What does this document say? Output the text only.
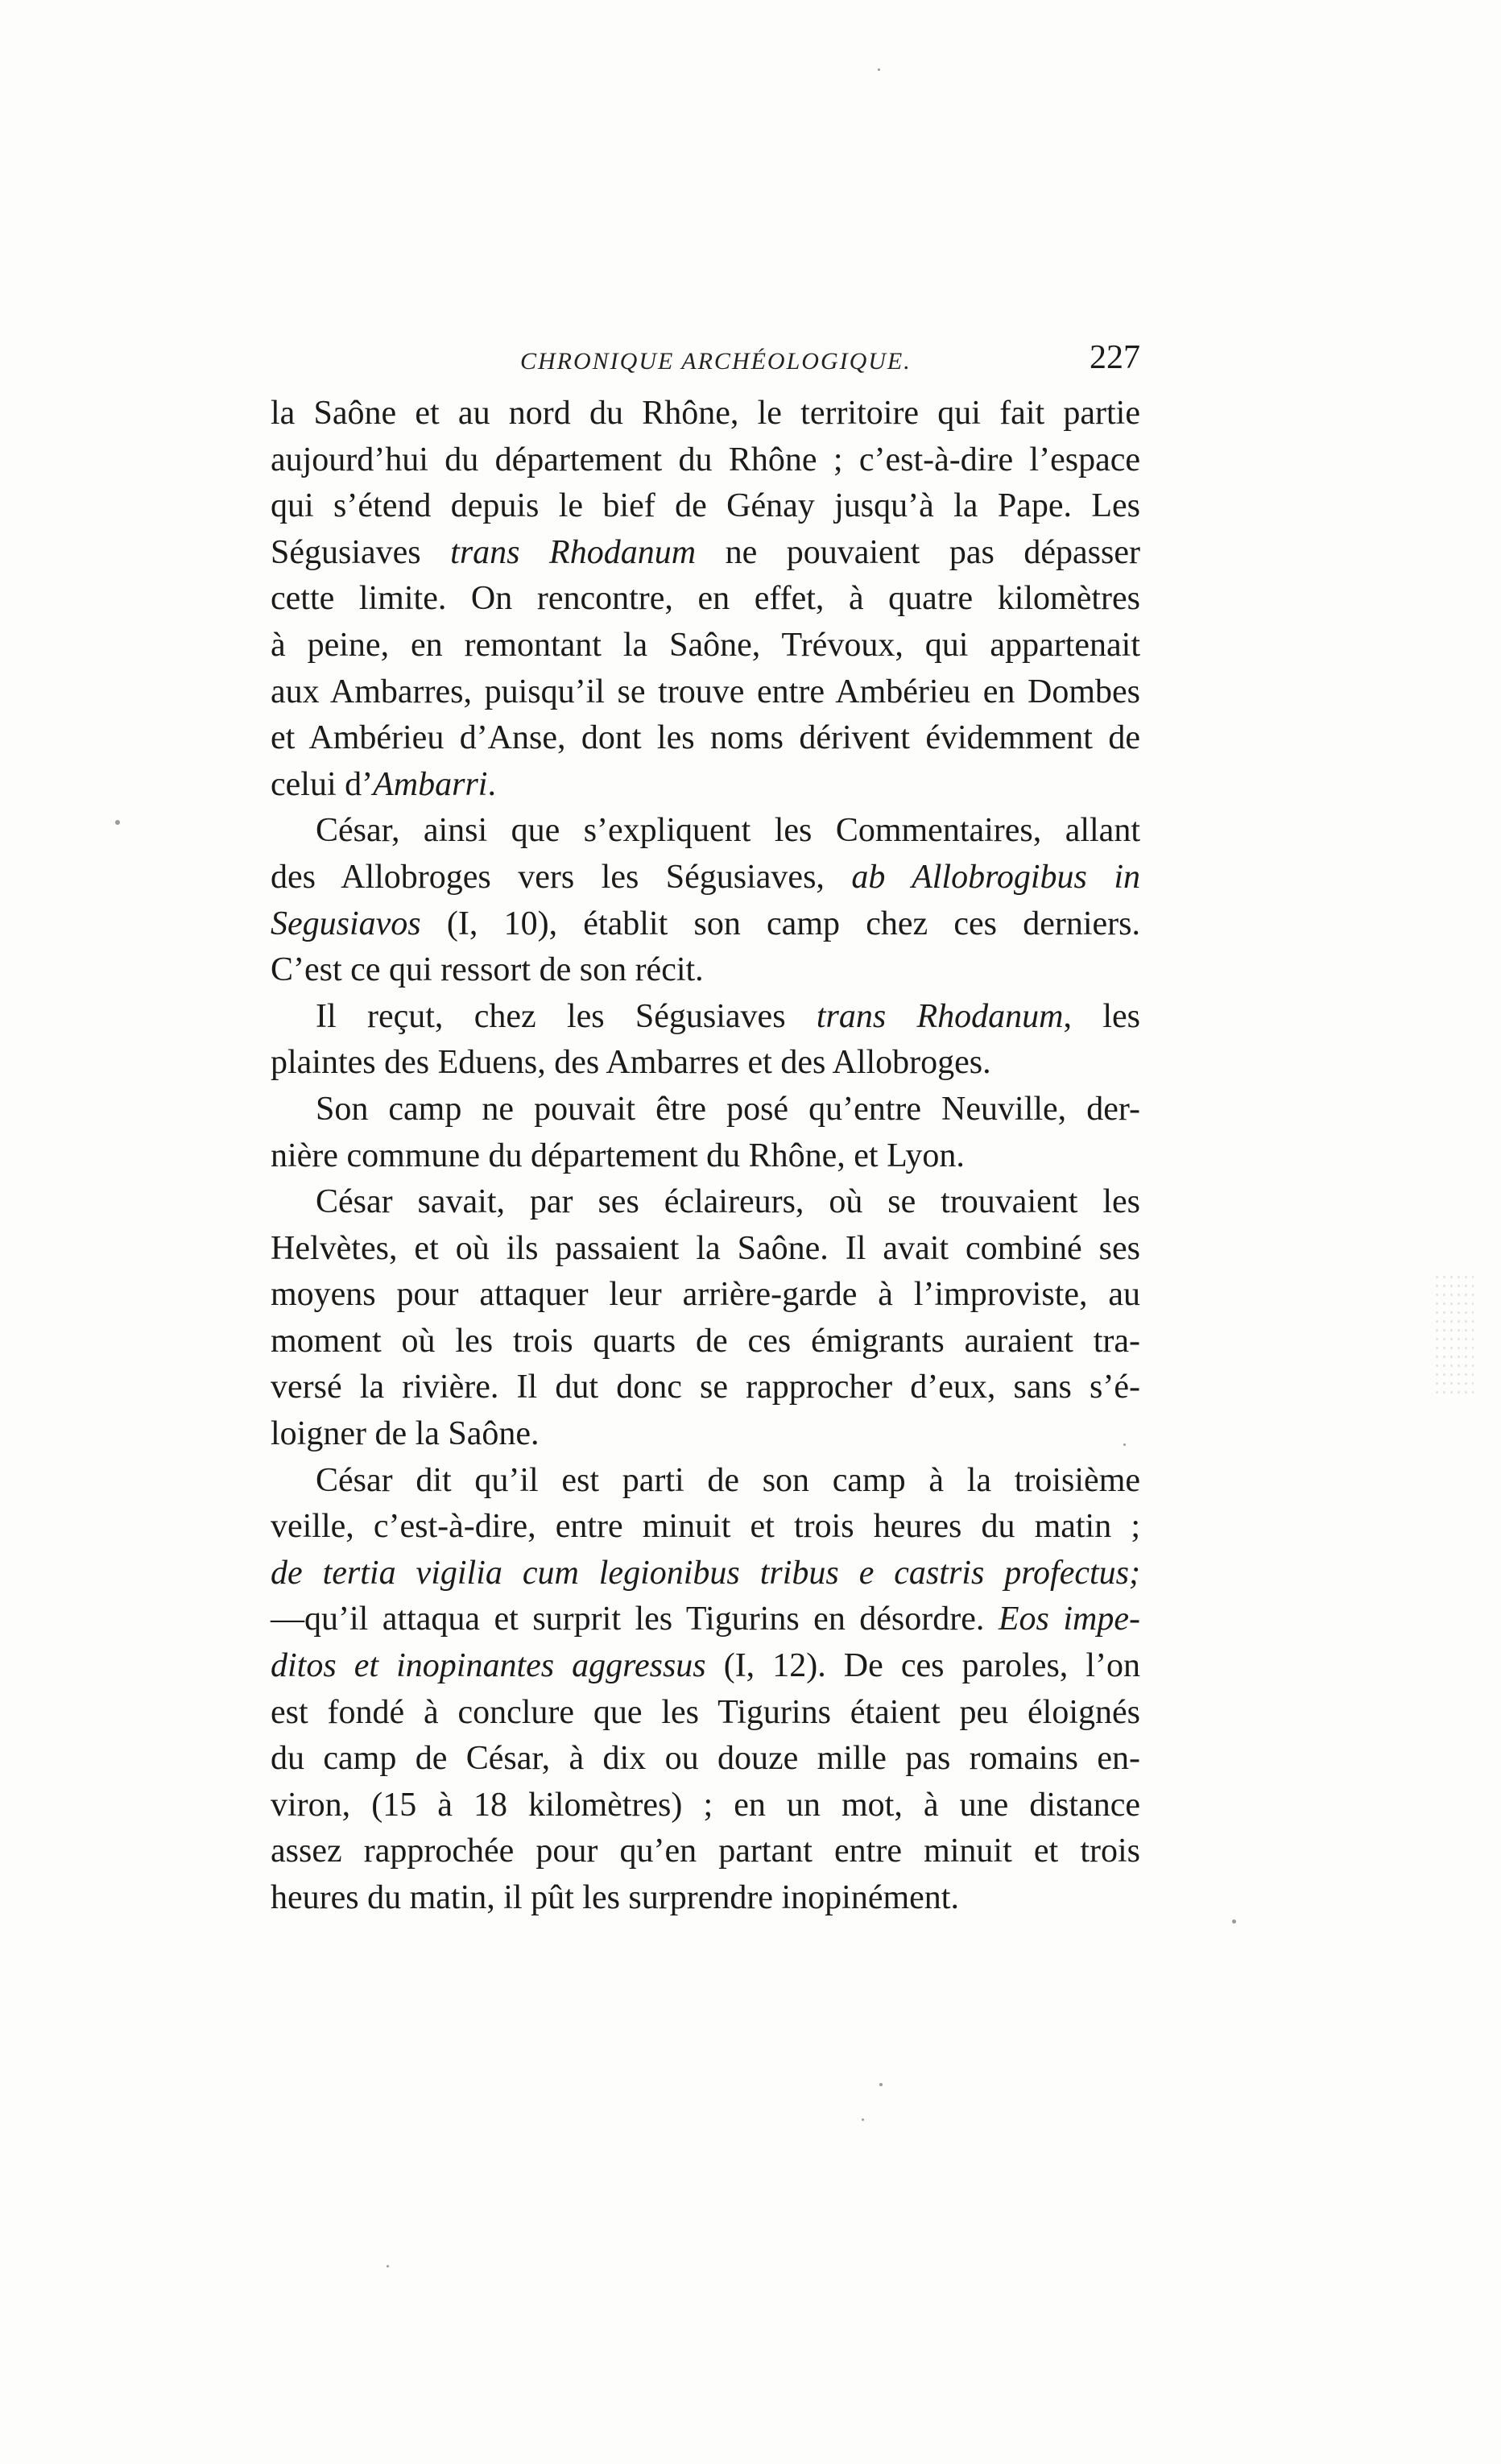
CHRONIQUE ARCHÉOLOGIQUE.	227
la Saône et au nord du Rhône, le territoire qui fait partie
aujourd’hui du département du Rhône ; c’est-à-dire l’espace
qui s’étend depuis le bief de Génay jusqu’à la Pape. Les
Ségusiaves trans Rhodanum ne pouvaient pas dépasser
cette limite. On rencontre, en effet, à quatre kilomètres
à peine, en remontant la Saône, Trévoux, qui appartenait
aux Ambarres, puisqu’il se trouve entre Ambérieu en Dombes
et Ambérieu d’Anse, dont les noms dérivent évidemment de
celui d’Ambarri.
César, ainsi que s’expliquent les Commentaires, allant
des Allobroges vers les Ségusiaves, ab Allobrogibus in
Segusiavos (I, 10), établit son camp chez ces derniers.
C’est ce qui ressort de son récit.
Il reçut, chez les Ségusiaves trans Rhodanum, les
plaintes des Eduens, des Ambarres et des Allobroges.
Son camp ne pouvait être posé qu’entre Neuville, der-
nière commune du département du Rhône, et Lyon.
César savait, par ses éclaireurs, où se trouvaient les
Helvètes, et où ils passaient la Saône. Il avait combiné ses
moyens pour attaquer leur arrière-garde à l’improviste, au
moment où les trois quarts de ces émigrants auraient tra-
versé la rivière. Il dut donc se rapprocher d’eux, sans s’é-
loigner de la Saône.
César dit qu’il est parti de son camp à la troisième
veille, c’est-à-dire, entre minuit et trois heures du matin ;
de tertia vigilia cum legionibus tribus e castris profectus;
—qu’il attaqua et surprit les Tigurins en désordre. Eos impe-
ditos et inopinantes aggressus (I, 12). De ces paroles, l’on
est fondé à conclure que les Tigurins étaient peu éloignés
du camp de César, à dix ou douze mille pas romains en-
viron, (15 à 18 kilomètres) ; en un mot, à une distance
assez rapprochée pour qu’en partant entre minuit et trois
heures du matin, il pût les surprendre inopinément.
